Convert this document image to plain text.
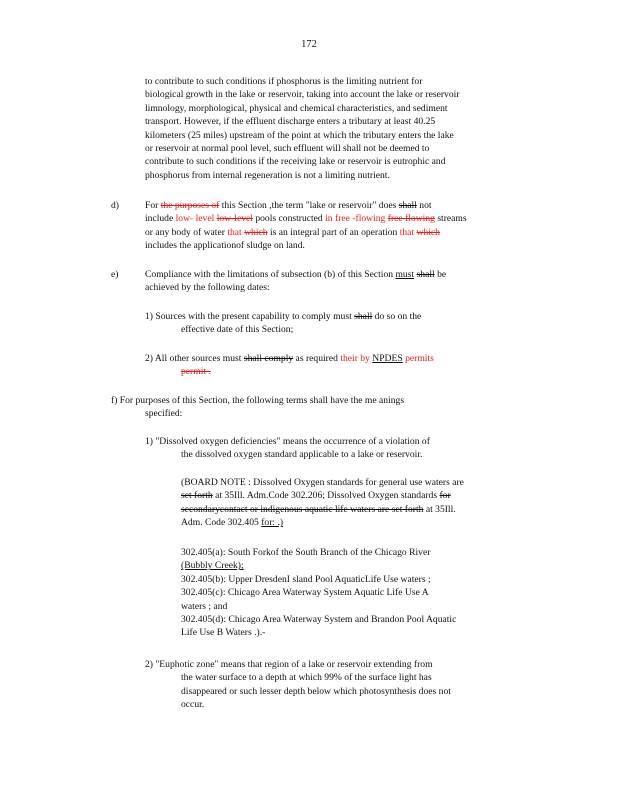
172
to contribute to such conditions if phosphorus is the limiting nutrient for
biological growth in the lake or reservoir, taking into account the lake or reservoir
limnology, morphological, physical and chemical characteristics, and sediment
transport. However, if the effluent discharge enters a tributary at least 40.25
kilometers (25 miles) upstream of the point at which the tributary enters the lake
or reservoir at normal pool level, such effluent will shall not be deemed to
contribute to such conditions if the receiving lake or reservoir is eutrophic and
phosphorus from internal regeneration is not a limiting nutrient.
d)	For the purposes of this Section ,the term "lake or reservoir" does shall not
include low- level low-level pools constructed in free -flowing free flowing streams
or any body of water that which is an integral part of an operation that which
includes the applicationof sludge on land.
e)	Compliance with the limitations of subsection (b) of this Section must shall be
achieved by the following dates:
1) Sources with the present capability to comply must shall do so on the
effective date of this Section;
2) All other sources must shall comply as required their by NPDES permits
permit .
f) For purposes of this Section, the following terms shall have the me anings
specified:
1) "Dissolved oxygen deficiencies" means the occurrence of a violation of
the dissolved oxygen standard applicable to a lake or reservoir.
(BOARD NOTE : Dissolved Oxygen standards for general use waters are
set forth at 35Ill. Adm.Code 302.206; Dissolved Oxygen standards for
secondarycontact or indigenous aquatic life waters are set forth at 35Ill.
Adm. Code 302.405 for: .)
302.405(a): South Forkof the South Branch of the Chicago River
(Bubbly Creek);
302.405(b): Upper DresdenI sland Pool AquaticLife Use waters ;
302.405(c): Chicago Area Waterway System Aquatic Life Use A
waters ; and
302.405(d): Chicago Area Waterway System and Brandon Pool Aquatic
Life Use B Waters .).-
2) "Euphotic zone" means that region of a lake or reservoir extending from
the water surface to a depth at which 99% of the surface light has
disappeared or such lesser depth below which photosynthesis does not
occur.
